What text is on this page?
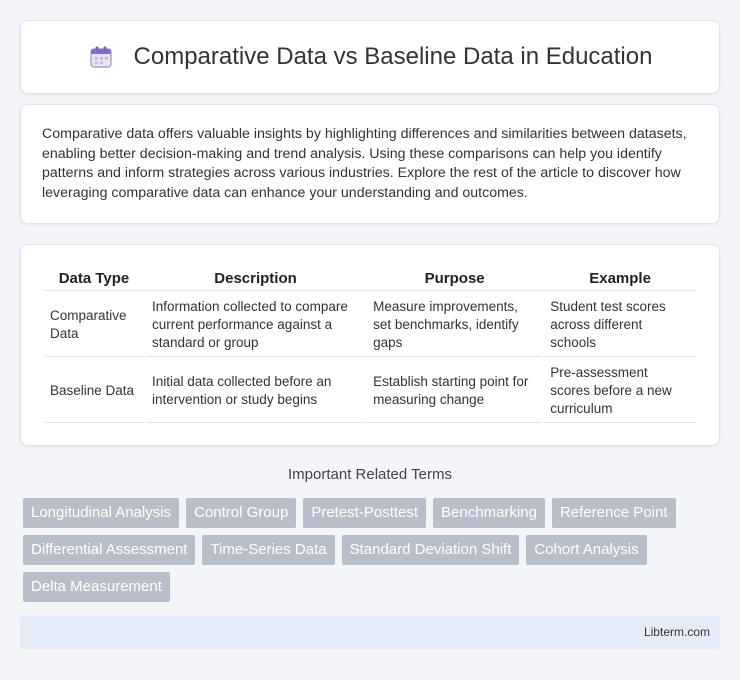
Comparative Data vs Baseline Data in Education

Comparative data offers valuable insights by highlighting differences and similarities between datasets, enabling better decision-making and trend analysis. Using these comparisons can help you identify patterns and inform strategies across various industries. Explore the rest of the article to discover how leveraging comparative data can enhance your understanding and outcomes.

Data Type	Description	Purpose	Example
Comparative Data	Information collected to compare current performance against a standard or group	Measure improvements, set benchmarks, identify gaps	Student test scores across different schools
Baseline Data	Initial data collected before an intervention or study begins	Establish starting point for measuring change	Pre-assessment scores before a new curriculum
Important Related Terms
Longitudinal Analysis	Control Group	Pretest-Posttest	Benchmarking	Reference Point
Differential Assessment	Time-Series Data	Standard Deviation Shift	Cohort Analysis
Delta Measurement
Libterm.com
